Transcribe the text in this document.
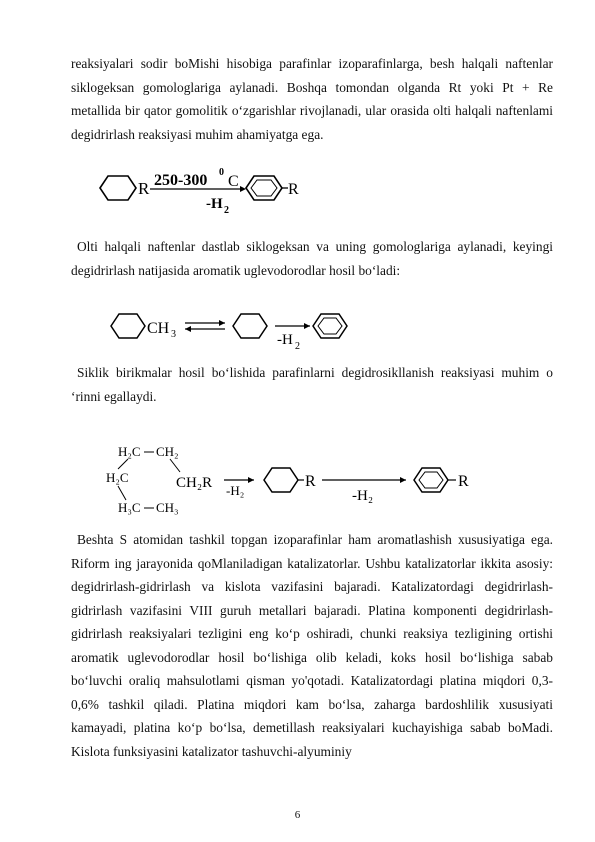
reaksiyalari sodir boMishi hisobiga parafinlar izoparafinlarga, besh halqali naftenlar siklogeksan gomologlariga aylanadi. Boshqa tomondan olganda Rt yoki Pt + Re metallida bir qator gomolitik o‘zgarishlar rivojlanadi, ular orasida olti halqali naftenlami degidrirlash reaksiyasi muhim ahamiyatga ega.

R 250-300 0
C
-H 2
R

Olti halqali naftenlar dastlab siklogeksan va uning gomologlariga aylanadi, keyingi degidrirlash natijasida aromatik uglevodorodlar hosil bo‘ladi:

CH 3	-H 2

Siklik birikmalar hosil bo‘lishida parafinlarni degidrosikllanish reaksiyasi muhim o ‘rinni egallaydi.

H₂C CH₂
H₂C	CH₂R
H₃C CH₃
-H₂
R
-H₂
R

Beshta S atomidan tashkil topgan izoparafinlar ham aromatlashish xususiyatiga ega. Riform ing jarayonida qoMlaniladigan katalizatorlar. Ushbu katalizatorlar ikkita asosiy: degidrirlash-gidrirlash va kislota vazifasini bajaradi. Katalizatordagi degidrirlash-gidrirlash vazifasini VIII guruh metallari bajaradi. Platina komponenti degidrirlash-gidrirlash reaksiyalari tezligini eng ko‘p oshiradi, chunki reaksiya tezligining ortishi aromatik uglevodorodlar hosil bo‘lishiga olib keladi, koks hosil bo‘lishiga sabab bo‘luvchi oraliq mahsulotlami qisman yo'qotadi. Katalizatordagi platina miqdori 0,3-0,6% tashkil qiladi. Platina miqdori kam bo‘lsa, zaharga bardoshlilik xususiyati kamayadi, platina ko‘p bo‘lsa, demetillash reaksiyalari kuchayishiga sabab boMadi. Kislota funksiyasini katalizator tashuvchi-alyuminiy

6
